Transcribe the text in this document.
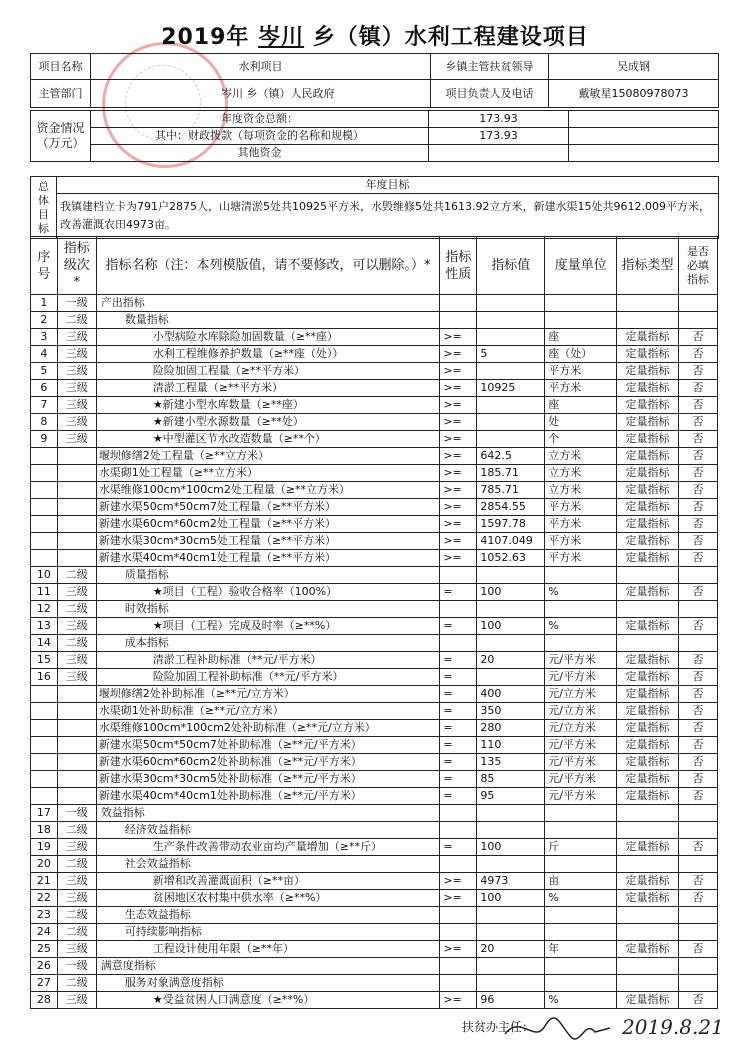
2019年 岑川 乡（镇）水利工程建设项目
项目名称	水利项目	乡镇主管扶贫领导	吴成钢
主管部门	岑川 乡（镇）人民政府	项目负责人及电话	戴敏星15080978073
资金情况（万元）	年度资金总额：	173.93	
	其中：财政拨款（每项资金的名称和规模）	173.93	
	其他资金		
总体目标	年度目标
我镇建档立卡为791户2875人，山塘清淤5处共10925平方米，水毁维修5处共1613.92立方米，新建水渠15处共9612.009平方米，改善灌溉农田4973亩。
序号	指标级次*	指标名称（注：本列模版值，请不要修改，可以删除。）*	指标性质	指标值	度量单位	指标类型	是否必填指标
1	一级	产出指标					
2	二级	数量指标					
3	三级	小型病险水库除险加固数量（≥**座）	>=		座	定量指标	否
4	三级	水利工程维修养护数量（≥**座（处））	>=	5	座（处）	定量指标	否
5	三级	险险加固工程量（≥**平方米）	>=		平方米	定量指标	否
6	三级	清淤工程量（≥**平方米）	>=	10925	平方米	定量指标	否
7	三级	★新建小型水库数量（≥**座）	>=		座	定量指标	否
8	三级	★新建小型水源数量（≥**处）	>=		处	定量指标	否
9	三级	★中型灌区节水改造数量（≥**个）	>=		个	定量指标	否
		堰坝修缮2处工程量（≥**立方米）	>=	642.5	立方米	定量指标	否
		水渠砌1处工程量（≥**立方米）	>=	185.71	立方米	定量指标	否
		水渠维修100cm*100cm2处工程量（≥**立方米）	>=	785.71	立方米	定量指标	否
		新建水渠50cm*50cm7处工程量（≥**平方米）	>=	2854.55	平方米	定量指标	否
		新建水渠60cm*60cm2处工程量（≥**平方米）	>=	1597.78	平方米	定量指标	否
		新建水渠30cm*30cm5处工程量（≥**平方米）	>=	4107.049	平方米	定量指标	否
		新建水渠40cm*40cm1处工程量（≥**平方米）	>=	1052.63	平方米	定量指标	否
10	二级	质量指标					
11	三级	★项目（工程）验收合格率（100%）	=	100	%	定量指标	否
12	二级	时效指标					
13	三级	★项目（工程）完成及时率（≥**%）	=	100	%	定量指标	否
14	二级	成本指标					
15	三级	清淤工程补助标准（**元/平方米）	=	20	元/平方米	定量指标	否
16	三级	险险加固工程补助标准（**元/平方米）	=		元/平方米	定量指标	否
		堰坝修缮2处补助标准（≥**元/立方米）	=	400	元/立方米	定量指标	否
		水渠砌1处补助标准（≥**元/立方米）	=	350	元/立方米	定量指标	否
		水渠维修100cm*100cm2处补助标准（≥**元/立方米）	=	280	元/立方米	定量指标	否
		新建水渠50cm*50cm7处补助标准（≥**元/平方米）	=	110	元/平方米	定量指标	否
		新建水渠60cm*60cm2处补助标准（≥**元/平方米）	=	135	元/平方米	定量指标	否
		新建水渠30cm*30cm5处补助标准（≥**元/平方米）	=	85	元/平方米	定量指标	否
		新建水渠40cm*40cm1处补助标准（≥**元/平方米）	=	95	元/平方米	定量指标	否
17	一级	效益指标					
18	二级	经济效益指标					
19	三级	生产条件改善带动农业亩均产量增加（≥**斤）	=	100	斤	定量指标	否
20	二级	社会效益指标					
21	三级	新增和改善灌溉面积（≥**亩）	>=	4973	亩	定量指标	否
22	三级	贫困地区农村集中供水率（≥**%）	>=	100	%	定量指标	否
23	二级	生态效益指标					
24	二级	可持续影响指标					
25	三级	工程设计使用年限（≥**年）	>=	20	年	定量指标	否
26	一级	满意度指标					
27	二级	服务对象满意度指标					
28	三级	★受益贫困人口满意度（≥**%）	>=	96	%	定量指标	否
扶贫办主任：	2019.8.21
